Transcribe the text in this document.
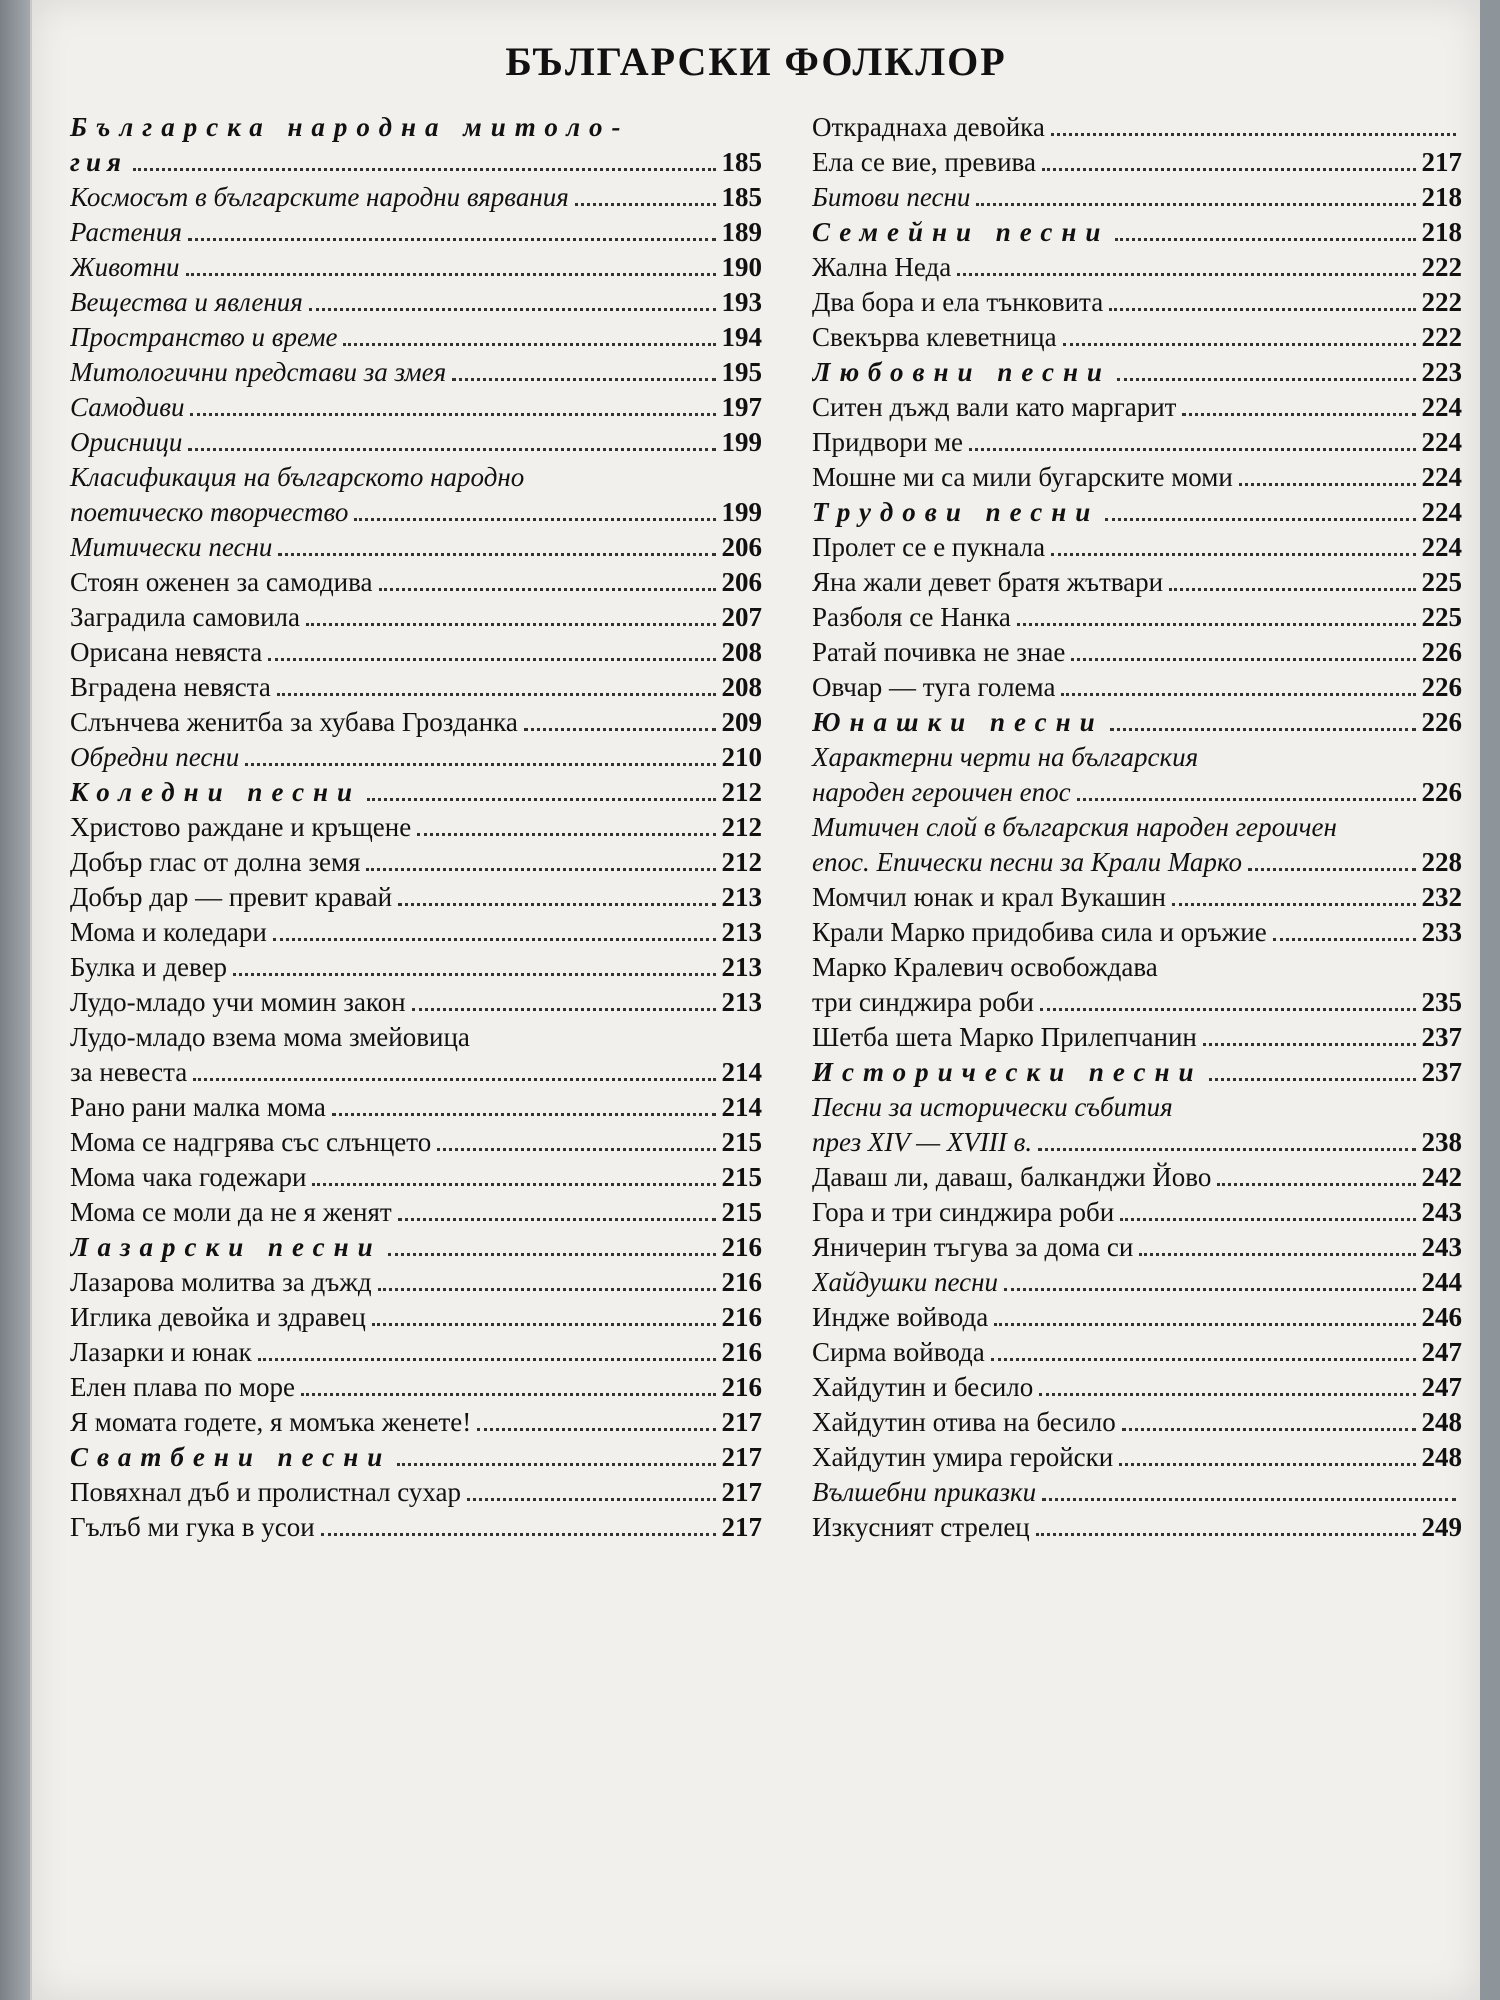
БЪЛГАРСКИ ФОЛКЛОР
Българска народна митоло-
гия	185
Космосът в българските народни вярвания	185
Растения	189
Животни	190
Вещества и явления	193
Пространство и време	194
Митологични представи за змея	195
Самодиви	197
Орисници	199
Класификация на българското народно
поетическо творчество	199
Митически песни	206
Стоян оженен за самодива	206
Заградила самовила	207
Орисана невяста	208
Вградена невяста	208
Слънчева женитба за хубава Грозданка	209
Обредни песни	210
Коледни песни	212
Христово раждане и кръщене	212
Добър глас от долна земя	212
Добър дар — превит кравай	213
Мома и коледари	213
Булка и девер	213
Лудо-младо учи момин закон	213
Лудо-младо взема мома змейовица
за невеста	214
Рано рани малка мома	214
Мома се надгрява със слънцето	215
Мома чака годежари	215
Мома се моли да не я женят	215
Лазарски песни	216
Лазарова молитва за дъжд	216
Иглика девойка и здравец	216
Лазарки и юнак	216
Елен плава по море	216
Я момата годете, я момъка женете!	217
Сватбени песни	217
Повяхнал дъб и пролистнал сухар	217
Гълъб ми гука в усои	217
Откраднаха девойка
Ела се вие, превива	217
Битови песни	218
Семейни песни	218
Жална Неда	222
Два бора и ела тънковита	222
Свекърва клеветница	222
Любовни песни	223
Ситен дъжд вали като маргарит	224
Придвори ме	224
Мошне ми са мили бугарските моми	224
Трудови песни	224
Пролет се е пукнала	224
Яна жали девет братя жътвари	225
Разболя се Нанка	225
Ратай почивка не знае	226
Овчар — туга голема	226
Юнашки песни	226
Характерни черти на българския
народен героичен епос	226
Митичен слой в българския народен героичен
епос. Епически песни за Крали Марко	228
Момчил юнак и крал Вукашин	232
Крали Марко придобива сила и оръжие	233
Марко Кралевич освобождава
три синджира роби	235
Шетба шета Марко Прилепчанин	237
Исторически песни	237
Песни за исторически събития
през XIV — XVIII в.	238
Даваш ли, даваш, балканджи Йово	242
Гора и три синджира роби	243
Яничерин тъгува за дома си	243
Хайдушки песни	244
Индже войвода	246
Сирма войвода	247
Хайдутин и бесило	247
Хайдутин отива на бесило	248
Хайдутин умира геройски	248
Вълшебни приказки
Изкусният стрелец	249
